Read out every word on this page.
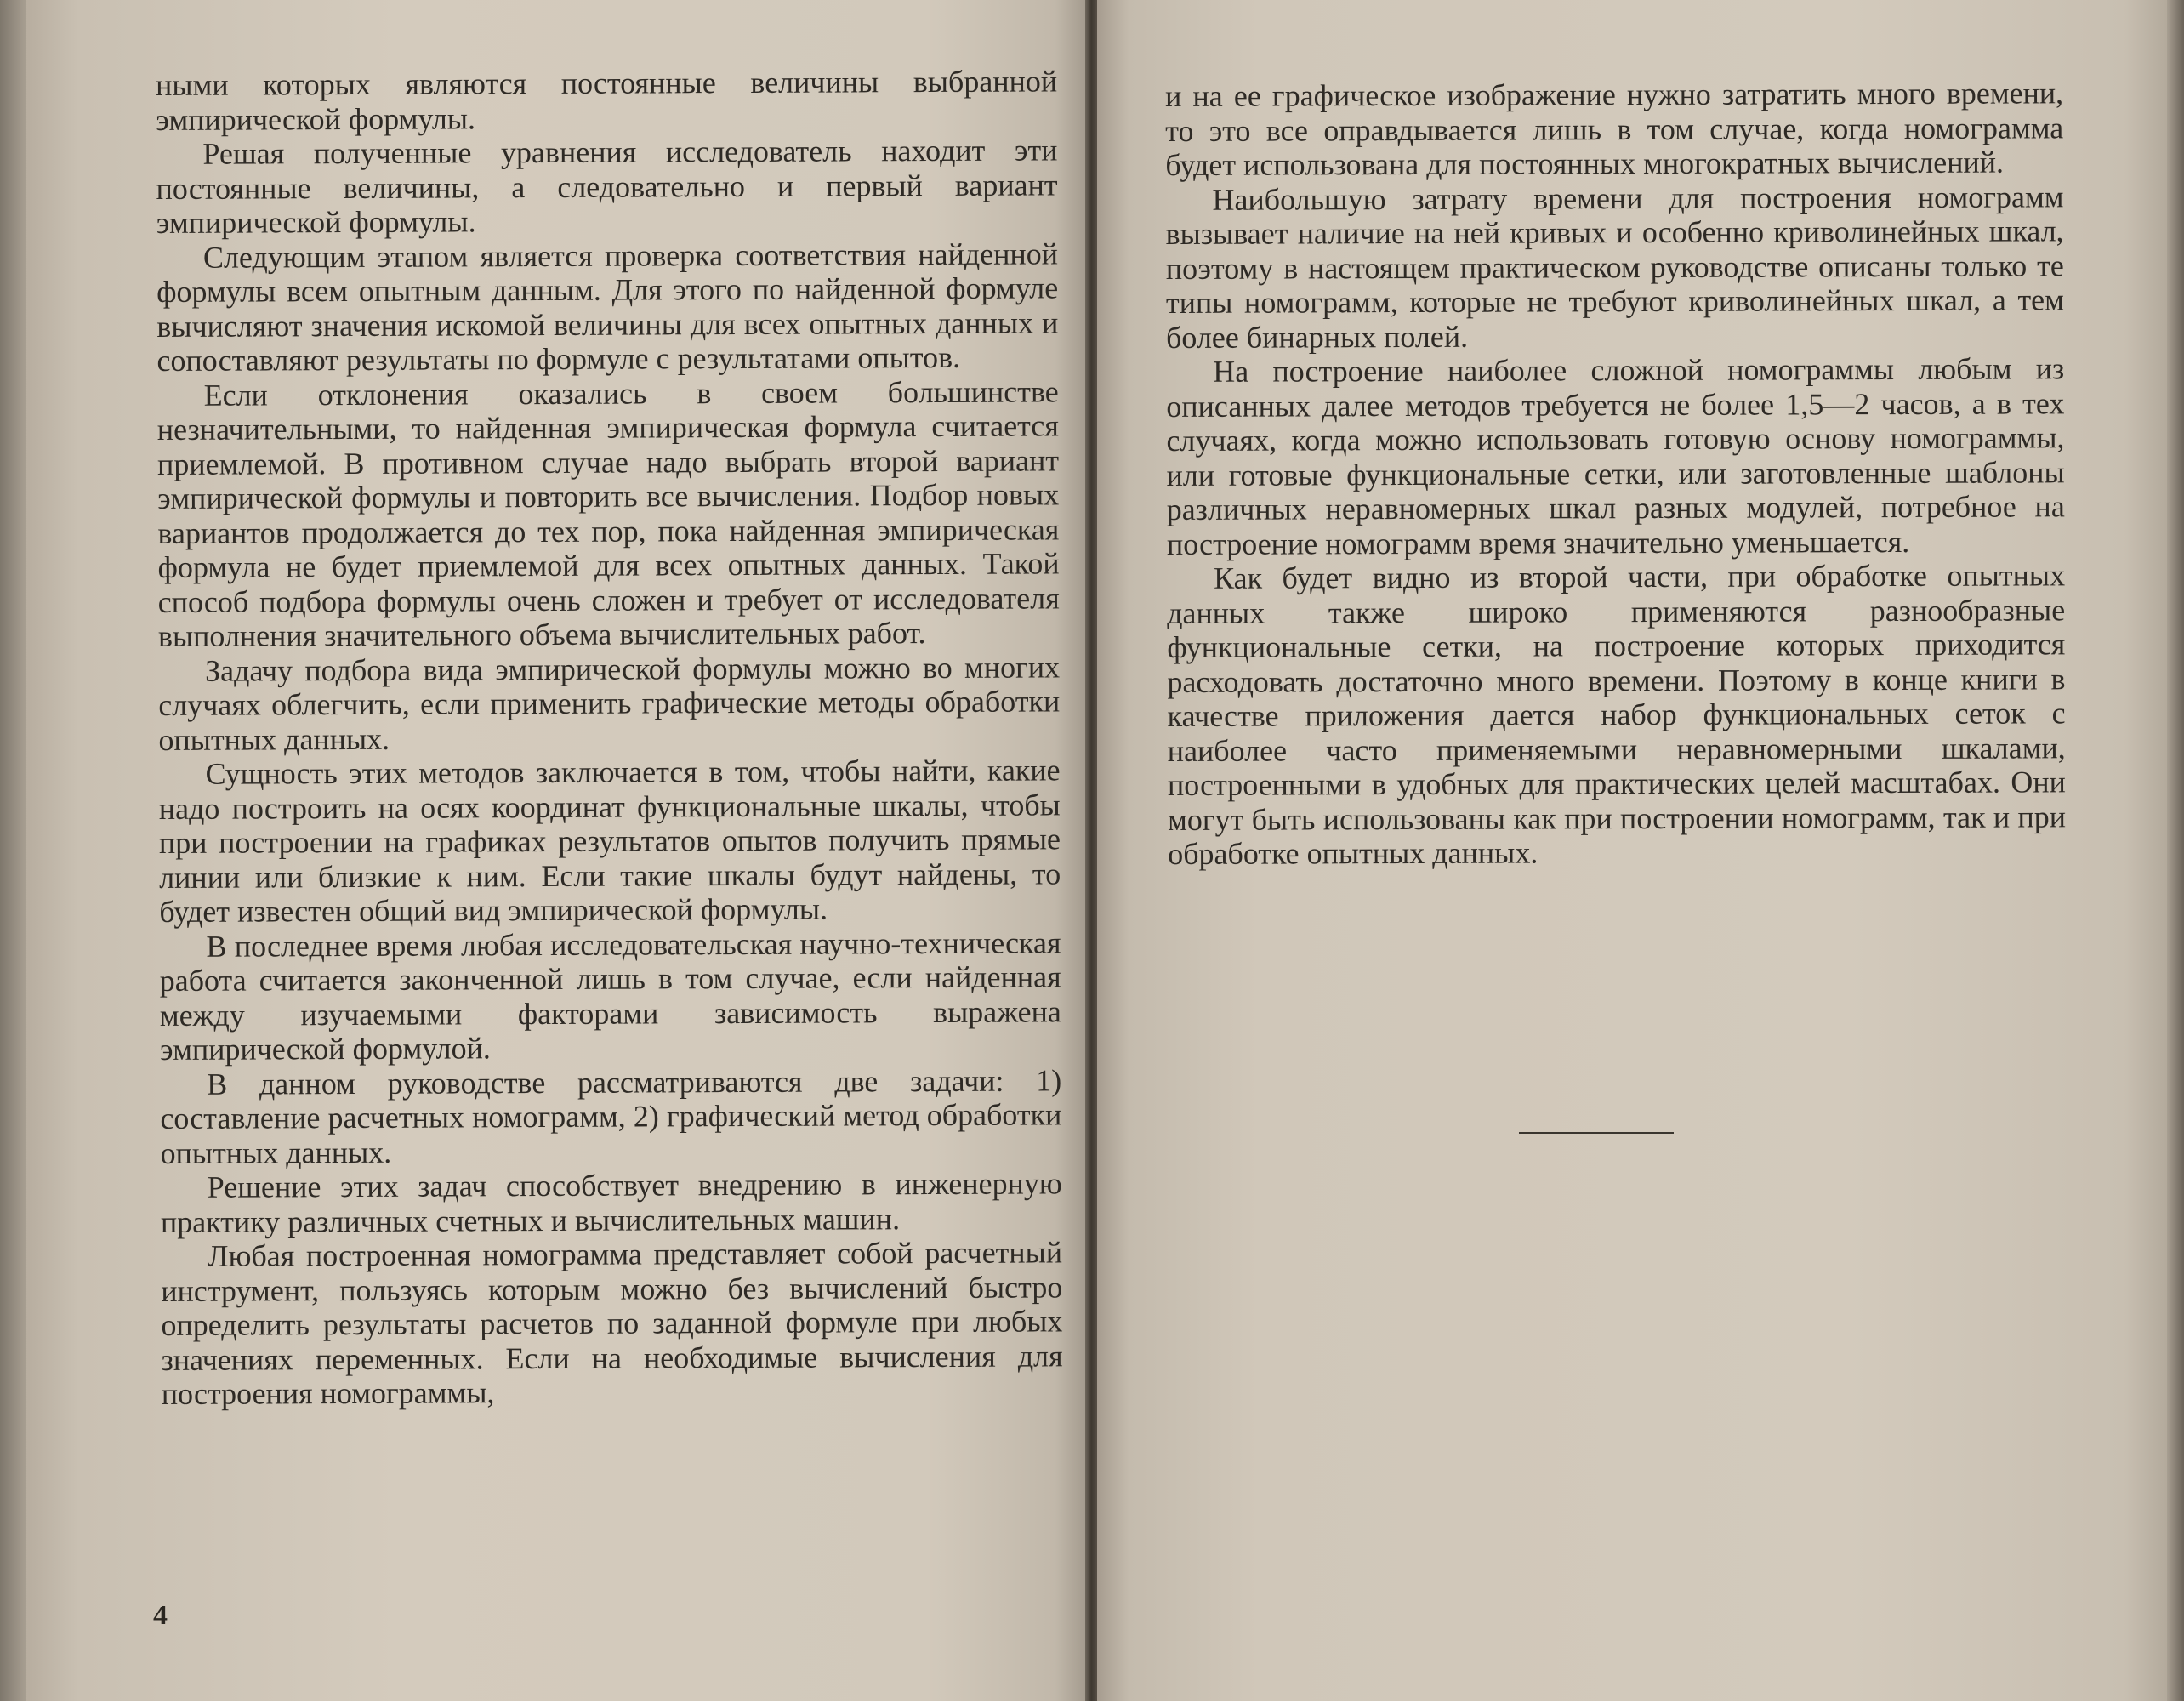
ными которых являются постоянные величины выбранной эмпирической формулы.

Решая полученные уравнения исследователь находит эти постоянные величины, а следовательно и первый вариант эмпирической формулы.

Следующим этапом является проверка соответствия найденной формулы всем опытным данным. Для этого по найденной формуле вычисляют значения искомой величины для всех опытных данных и сопоставляют результаты по формуле с результатами опытов.

Если отклонения оказались в своем большинстве незначительными, то найденная эмпирическая формула считается приемлемой. В противном случае надо выбрать второй вариант эмпирической формулы и повторить все вычисления. Подбор новых вариантов продолжается до тех пор, пока найденная эмпирическая формула не будет приемлемой для всех опытных данных. Такой способ подбора формулы очень сложен и требует от исследователя выполнения значительного объема вычислительных работ.

Задачу подбора вида эмпирической формулы можно во многих случаях облегчить, если применить графические методы обработки опытных данных.

Сущность этих методов заключается в том, чтобы найти, какие надо построить на осях координат функциональные шкалы, чтобы при построении на графиках результатов опытов получить прямые линии или близкие к ним. Если такие шкалы будут найдены, то будет известен общий вид эмпирической формулы.

В последнее время любая исследовательская научно-техническая работа считается законченной лишь в том случае, если найденная между изучаемыми факторами зависимость выражена эмпирической формулой.

В данном руководстве рассматриваются две задачи: 1) составление расчетных номограмм, 2) графический метод обработки опытных данных.

Решение этих задач способствует внедрению в инженерную практику различных счетных и вычислительных машин.

Любая построенная номограмма представляет собой расчетный инструмент, пользуясь которым можно без вычислений быстро определить результаты расчетов по заданной формуле при любых значениях переменных. Если на необходимые вычисления для построения номограммы,

4

и на ее графическое изображение нужно затратить много времени, то это все оправдывается лишь в том случае, когда номограмма будет использована для постоянных многократных вычислений.

Наибольшую затрату времени для построения номограмм вызывает наличие на ней кривых и особенно криволинейных шкал, поэтому в настоящем практическом руководстве описаны только те типы номограмм, которые не требуют криволинейных шкал, а тем более бинарных полей.

На построение наиболее сложной номограммы любым из описанных далее методов требуется не более 1,5—2 часов, а в тех случаях, когда можно использовать готовую основу номограммы, или готовые функциональные сетки, или заготовленные шаблоны различных неравномерных шкал разных модулей, потребное на построение номограмм время значительно уменьшается.

Как будет видно из второй части, при обработке опытных данных также широко применяются разнообразные функциональные сетки, на построение которых приходится расходовать достаточно много времени. Поэтому в конце книги в качестве приложения дается набор функциональных сеток с наиболее часто применяемыми неравномерными шкалами, построенными в удобных для практических целей масштабах. Они могут быть использованы как при построении номограмм, так и при обработке опытных данных.
